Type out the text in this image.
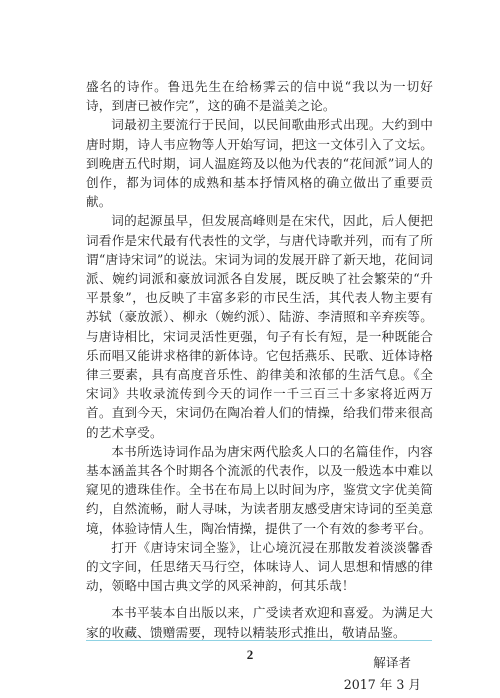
盛名的诗作。鲁迅先生在给杨霁云的信中说“我以为一切好诗，到唐已被作完”，这的确不是溢美之论。

词最初主要流行于民间，以民间歌曲形式出现。大约到中唐时期，诗人韦应物等人开始写词，把这一文体引入了文坛。到晚唐五代时期，词人温庭筠及以他为代表的“花间派”词人的创作，都为词体的成熟和基本抒情风格的确立做出了重要贡献。

词的起源虽早，但发展高峰则是在宋代，因此，后人便把词看作是宋代最有代表性的文学，与唐代诗歌并列，而有了所谓“唐诗宋词”的说法。宋词为词的发展开辟了新天地，花间词派、婉约词派和豪放词派各自发展，既反映了社会繁荣的“升平景象”，也反映了丰富多彩的市民生活，其代表人物主要有苏轼（豪放派）、柳永（婉约派）、陆游、李清照和辛弃疾等。与唐诗相比，宋词灵活性更强，句子有长有短，是一种既能合乐而唱又能讲求格律的新体诗。它包括燕乐、民歌、近体诗格律三要素，具有高度音乐性、韵律美和浓郁的生活气息。《全宋词》共收录流传到今天的词作一千三百三十多家将近两万首。直到今天，宋词仍在陶冶着人们的情操，给我们带来很高的艺术享受。

本书所选诗词作品为唐宋两代脍炙人口的名篇佳作，内容基本涵盖其各个时期各个流派的代表作，以及一般选本中难以窥见的遗珠佳作。全书在布局上以时间为序，鉴赏文字优美简约，自然流畅，耐人寻味，为读者朋友感受唐宋诗词的至美意境，体验诗情人生，陶冶情操，提供了一个有效的参考平台。

打开《唐诗宋词全鉴》，让心境沉浸在那散发着淡淡馨香的文字间，任思绪天马行空，体味诗人、词人思想和情感的律动，领略中国古典文学的风采神韵，何其乐哉！

本书平装本自出版以来，广受读者欢迎和喜爱。为满足大家的收藏、馈赠需要，现特以精装形式推出，敬请品鉴。

解译者
2017 年 3 月
2
